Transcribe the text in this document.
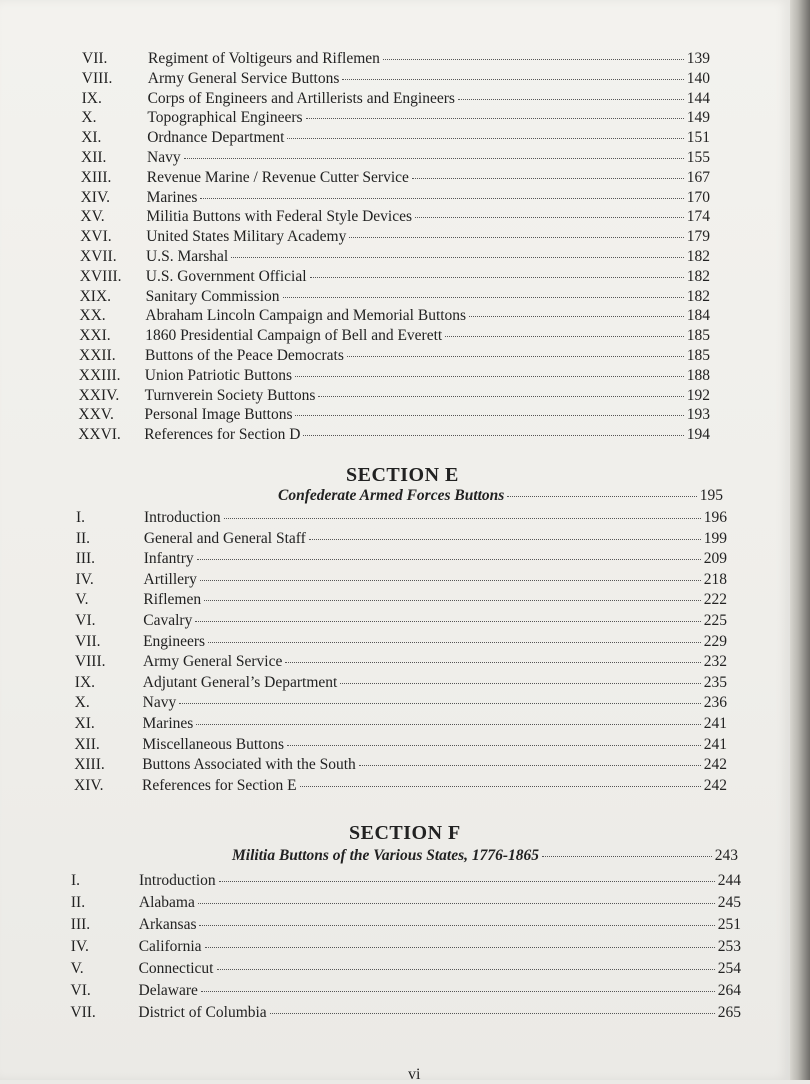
VII.	Regiment of Voltigeurs and Riflemen	139
VIII.	Army General Service Buttons	140
IX.	Corps of Engineers and Artillerists and Engineers	144
X.	Topographical Engineers	149
XI.	Ordnance Department	151
XII.	Navy	155
XIII.	Revenue Marine / Revenue Cutter Service	167
XIV.	Marines	170
XV.	Militia Buttons with Federal Style Devices	174
XVI.	United States Military Academy	179
XVII.	U.S. Marshal	182
XVIII.	U.S. Government Official	182
XIX.	Sanitary Commission	182
XX.	Abraham Lincoln Campaign and Memorial Buttons	184
XXI.	1860 Presidential Campaign of Bell and Everett	185
XXII.	Buttons of the Peace Democrats	185
XXIII.	Union Patriotic Buttons	188
XXIV.	Turnverein Society Buttons	192
XXV.	Personal Image Buttons	193
XXVI.	References for Section D	194
SECTION E
Confederate Armed Forces Buttons	195
I.	Introduction	196
II.	General and General Staff	199
III.	Infantry	209
IV.	Artillery	218
V.	Riflemen	222
VI.	Cavalry	225
VII.	Engineers	229
VIII.	Army General Service	232
IX.	Adjutant General’s Department	235
X.	Navy	236
XI.	Marines	241
XII.	Miscellaneous Buttons	241
XIII.	Buttons Associated with the South	242
XIV.	References for Section E	242
SECTION F
Militia Buttons of the Various States, 1776-1865	243
I.	Introduction	244
II.	Alabama	245
III.	Arkansas	251
IV.	California	253
V.	Connecticut	254
VI.	Delaware	264
VII.	District of Columbia	265
vi
